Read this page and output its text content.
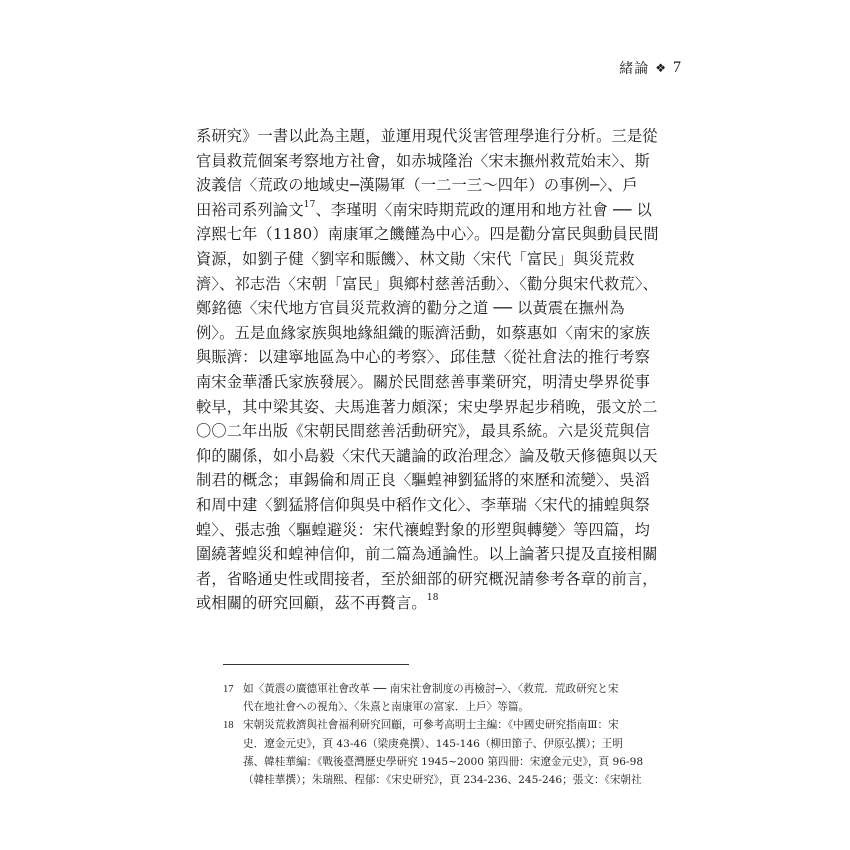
緒論 ❖ 7
系研究》一書以此為主題，並運用現代災害管理學進行分析。三是從
官員救荒個案考察地方社會，如赤城隆治〈宋末撫州救荒始末〉、斯
波義信〈荒政の地域史─漢陽軍（一二一三～四年）の事例─〉、戶
田裕司系列論文$^{17}$、李瑾明〈南宋時期荒政的運用和地方社會 ── 以
淳熙七年（1180）南康軍之饑饉為中心〉。四是勸分富民與動員民間
資源，如劉子健〈劉宰和賑饑〉、林文勛〈宋代「富民」與災荒救
濟〉、祁志浩〈宋朝「富民」與鄉村慈善活動〉、〈勸分與宋代救荒〉、
鄭銘德〈宋代地方官員災荒救濟的勸分之道 ── 以黃震在撫州為
例〉。五是血緣家族與地緣組織的賑濟活動，如蔡惠如〈南宋的家族
與賑濟：以建寧地區為中心的考察〉、邱佳慧〈從社倉法的推行考察
南宋金華潘氏家族發展〉。關於民間慈善事業研究，明清史學界從事
較早，其中梁其姿、夫馬進著力頗深；宋史學界起步稍晚，張文於二
〇〇二年出版《宋朝民間慈善活動研究》，最具系統。六是災荒與信
仰的關係，如小島毅〈宋代天譴論的政治理念〉論及敬天修德與以天
制君的概念；車錫倫和周正良〈驅蝗神劉猛將的來歷和流變〉、吳滔
和周中建〈劉猛將信仰與吳中稻作文化〉、李華瑞〈宋代的捕蝗與祭
蝗〉、張志強〈驅蝗避災：宋代禳蝗對象的形塑與轉變〉等四篇，均
圍繞著蝗災和蝗神信仰，前二篇為通論性。以上論著只提及直接相關
者，省略通史性或間接者，至於細部的研究概況請參考各章的前言，
或相關的研究回顧，茲不再贅言。$^{18}$
17 如〈黃震の廣德軍社會改革 ── 南宋社會制度の再檢討─〉、〈救荒．荒政研究と宋
代在地社會への視角〉、〈朱熹と南康軍の富家．上戶〉等篇。
18 宋朝災荒救濟與社會福利研究回顧，可參考高明士主編：《中國史研究指南Ⅲ：宋
史．遼金元史》，頁 43-46（梁庚堯撰）、145-146（柳田節子、伊原弘撰）；王明
蓀、韓桂華編：《戰後臺灣歷史學研究 1945~2000 第四冊：宋遼金元史》，頁 96-98
（韓桂華撰）；朱瑞熙、程郁：《宋史研究》，頁 234-236、245-246；張文：《宋朝社
